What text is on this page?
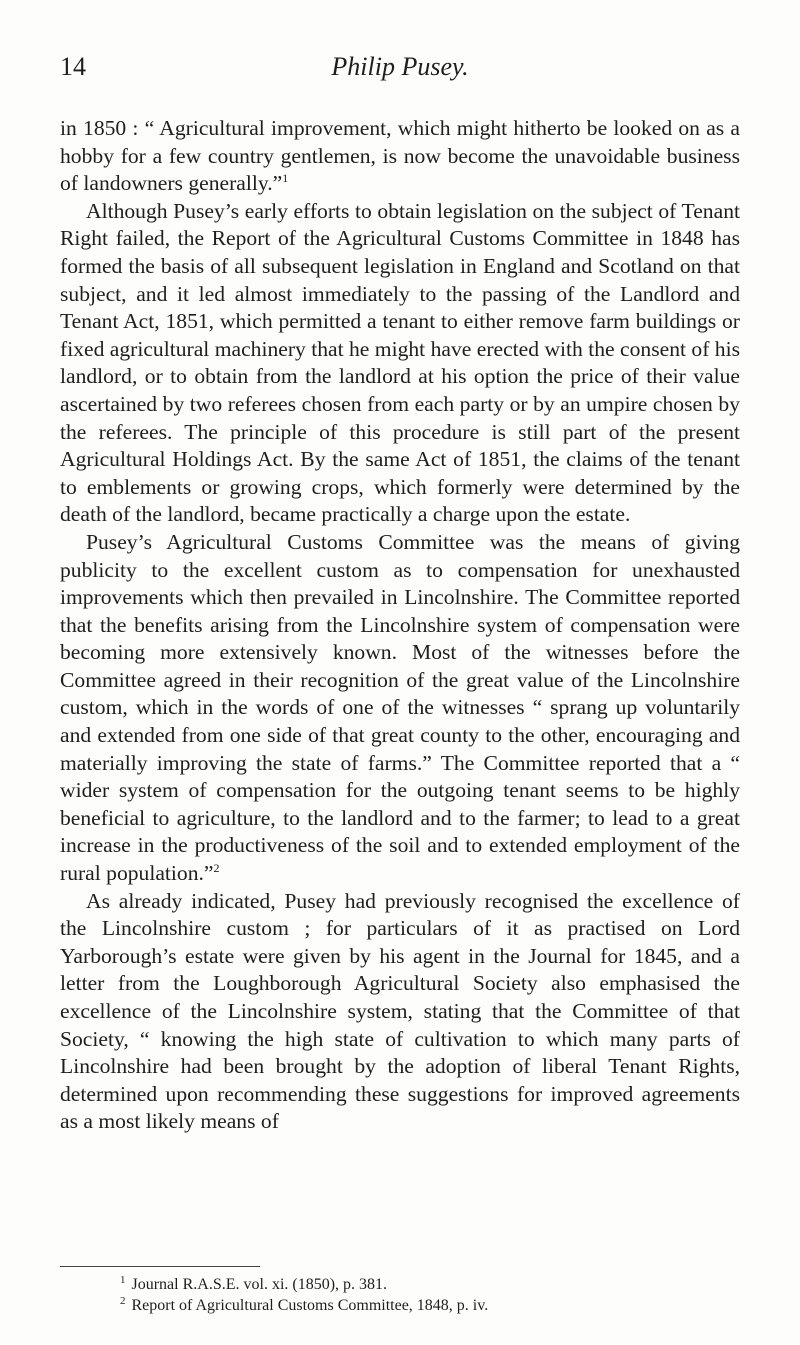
14	Philip Pusey.

in 1850 : “ Agricultural improvement, which might hitherto be looked on as a hobby for a few country gentlemen, is now become the unavoidable business of landowners generally.”$^1$

Although Pusey’s early efforts to obtain legislation on the subject of Tenant Right failed, the Report of the Agricultural Customs Committee in 1848 has formed the basis of all subsequent legislation in England and Scotland on that subject, and it led almost immediately to the passing of the Landlord and Tenant Act, 1851, which permitted a tenant to either remove farm buildings or fixed agricultural machinery that he might have erected with the consent of his landlord, or to obtain from the landlord at his option the price of their value ascertained by two referees chosen from each party or by an umpire chosen by the referees. The principle of this procedure is still part of the present Agricultural Holdings Act. By the same Act of 1851, the claims of the tenant to emblements or growing crops, which formerly were determined by the death of the landlord, became practically a charge upon the estate.

Pusey’s Agricultural Customs Committee was the means of giving publicity to the excellent custom as to compensation for unexhausted improvements which then prevailed in Lincolnshire. The Committee reported that the benefits arising from the Lincolnshire system of compensation were becoming more extensively known. Most of the witnesses before the Committee agreed in their recognition of the great value of the Lincolnshire custom, which in the words of one of the witnesses “ sprang up voluntarily and extended from one side of that great county to the other, encouraging and materially improving the state of farms.” The Committee reported that a “ wider system of compensation for the outgoing tenant seems to be highly beneficial to agriculture, to the landlord and to the farmer; to lead to a great increase in the productiveness of the soil and to extended employment of the rural population.”$^2$

As already indicated, Pusey had previously recognised the excellence of the Lincolnshire custom ; for particulars of it as practised on Lord Yarborough’s estate were given by his agent in the Journal for 1845, and a letter from the Loughborough Agricultural Society also emphasised the excellence of the Lincolnshire system, stating that the Committee of that Society, “ knowing the high state of cultivation to which many parts of Lincolnshire had been brought by the adoption of liberal Tenant Rights, determined upon recommending these suggestions for improved agreements as a most likely means of

$^1$ Journal R.A.S.E. vol. xi. (1850), p. 381.

$^2$ Report of Agricultural Customs Committee, 1848, p. iv.
